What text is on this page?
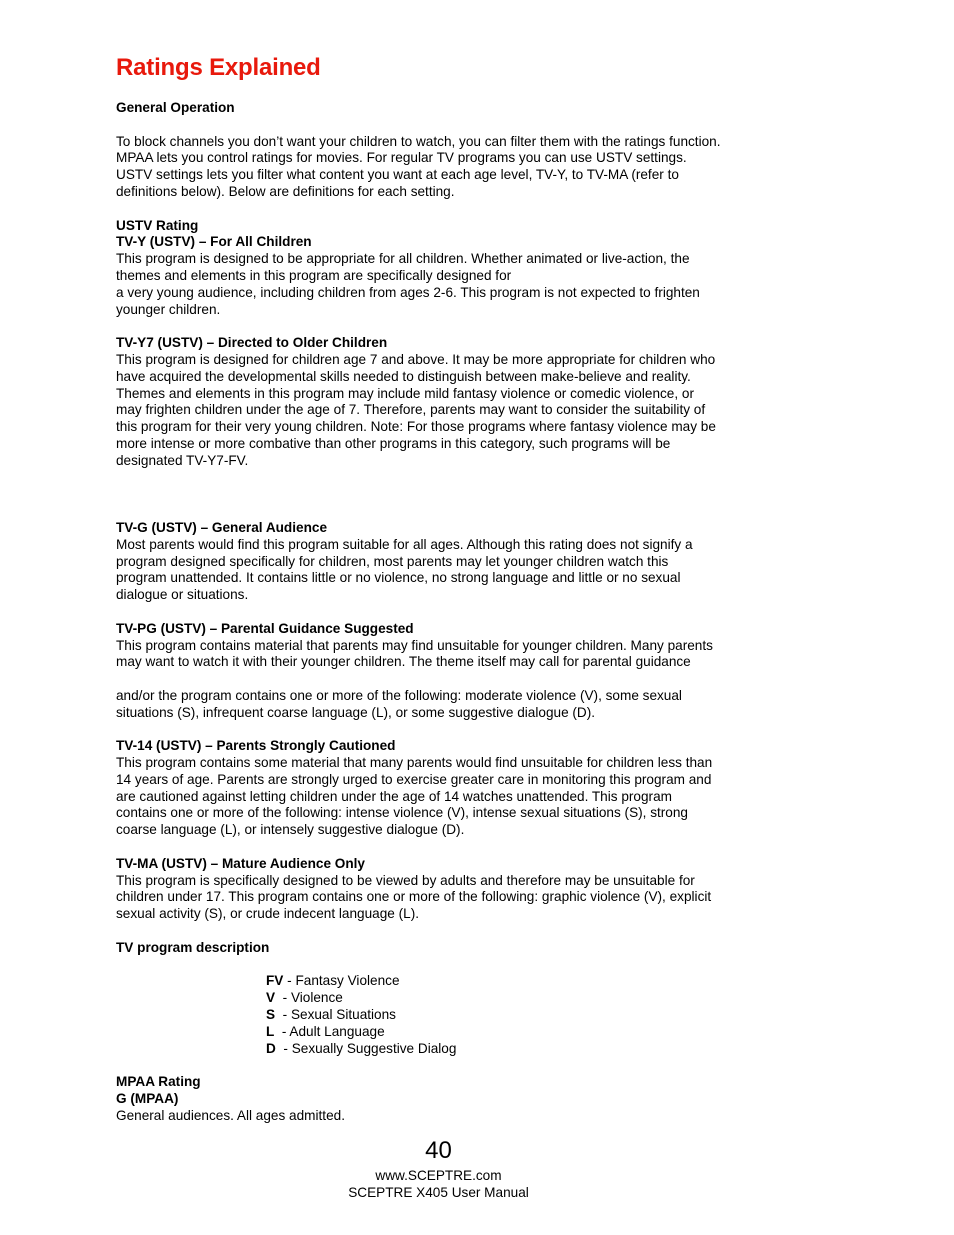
Ratings Explained

General Operation

To block channels you don’t want your children to watch, you can filter them with the ratings function.

MPAA lets you control ratings for movies. For regular TV programs you can use USTV settings.

USTV settings lets you filter what content you want at each age level, TV-Y, to TV-MA (refer to

definitions below). Below are definitions for each setting.

USTV Rating

TV-Y (USTV) – For All Children

This program is designed to be appropriate for all children. Whether animated or live-action, the

themes and elements in this program are specifically designed for

a very young audience, including children from ages 2-6. This program is not expected to frighten

younger children.

TV-Y7 (USTV) – Directed to Older Children

This program is designed for children age 7 and above. It may be more appropriate for children who

have acquired the developmental skills needed to distinguish between make-believe and reality.

Themes and elements in this program may include mild fantasy violence or comedic violence, or

may frighten children under the age of 7. Therefore, parents may want to consider the suitability of

this program for their very young children. Note: For those programs where fantasy violence may be

more intense or more combative than other programs in this category, such programs will be

designated TV-Y7-FV.

TV-G (USTV) – General Audience

Most parents would find this program suitable for all ages. Although this rating does not signify a

program designed specifically for children, most parents may let younger children watch this

program unattended. It contains little or no violence, no strong language and little or no sexual

dialogue or situations.

TV-PG (USTV) – Parental Guidance Suggested

This program contains material that parents may find unsuitable for younger children. Many parents

may want to watch it with their younger children. The theme itself may call for parental guidance

and/or the program contains one or more of the following: moderate violence (V), some sexual

situations (S), infrequent coarse language (L), or some suggestive dialogue (D).

TV-14 (USTV) – Parents Strongly Cautioned

This program contains some material that many parents would find unsuitable for children less than

14 years of age. Parents are strongly urged to exercise greater care in monitoring this program and

are cautioned against letting children under the age of 14 watches unattended. This program

contains one or more of the following: intense violence (V), intense sexual situations (S), strong

coarse language (L), or intensely suggestive dialogue (D).

TV-MA (USTV) – Mature Audience Only

This program is specifically designed to be viewed by adults and therefore may be unsuitable for

children under 17. This program contains one or more of the following: graphic violence (V), explicit

sexual activity (S), or crude indecent language (L).

TV program description

FV - Fantasy Violence

V  - Violence

S  - Sexual Situations

L  - Adult Language

D  - Sexually Suggestive Dialog

MPAA Rating

G (MPAA)

General audiences. All ages admitted.

40
www.SCEPTRE.com
SCEPTRE X405 User Manual
